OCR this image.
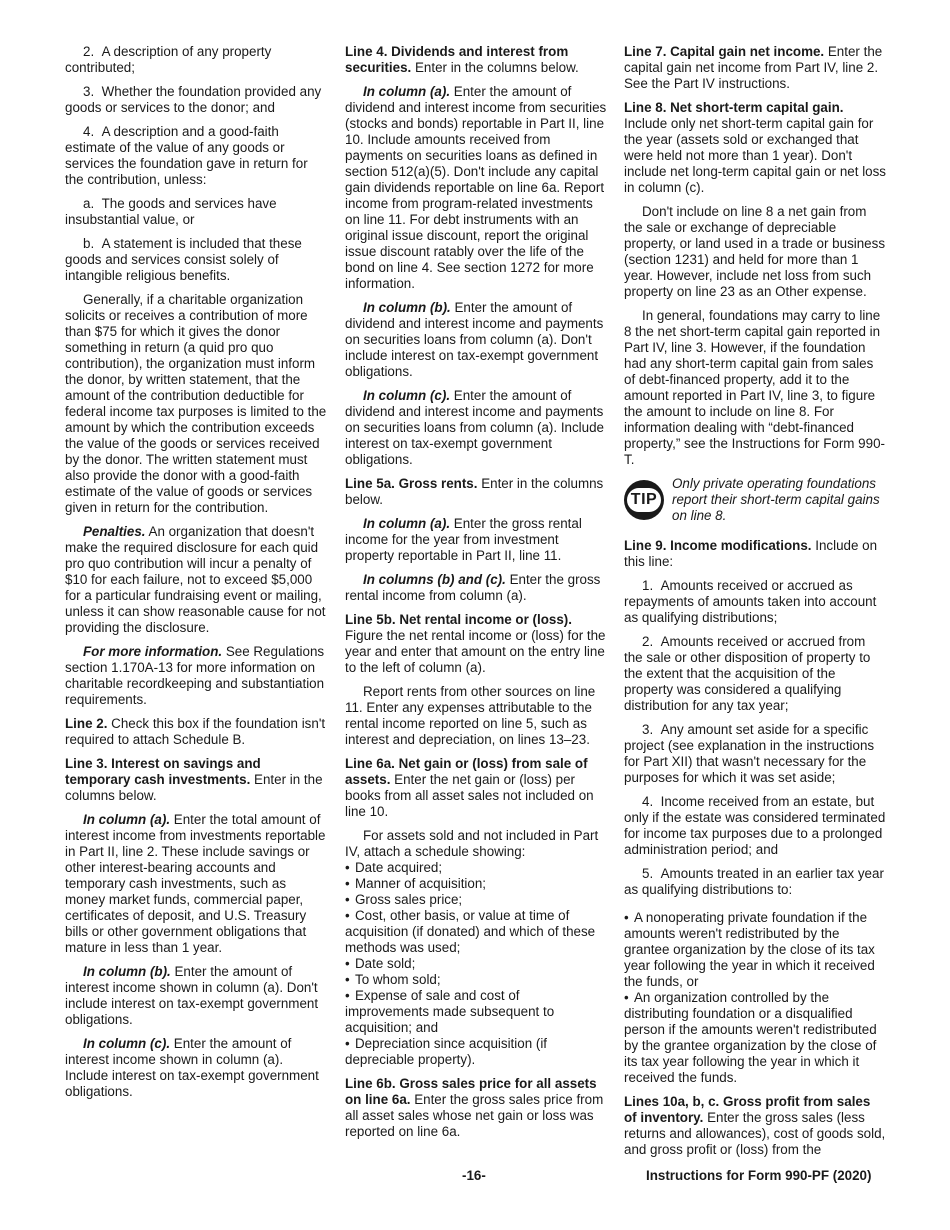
2.  A description of any property contributed;

3.  Whether the foundation provided any goods or services to the donor; and

4.  A description and a good-faith estimate of the value of any goods or services the foundation gave in return for the contribution, unless:

a.  The goods and services have insubstantial value, or

b.  A statement is included that these goods and services consist solely of intangible religious benefits.

Generally, if a charitable organization solicits or receives a contribution of more than $75 for which it gives the donor something in return (a quid pro quo contribution), the organization must inform the donor, by written statement, that the amount of the contribution deductible for federal income tax purposes is limited to the amount by which the contribution exceeds the value of the goods or services received by the donor. The written statement must also provide the donor with a good-faith estimate of the value of goods or services given in return for the contribution.

Penalties. An organization that doesn't make the required disclosure for each quid pro quo contribution will incur a penalty of $10 for each failure, not to exceed $5,000 for a particular fundraising event or mailing, unless it can show reasonable cause for not providing the disclosure.

For more information. See Regulations section 1.170A-13 for more information on charitable recordkeeping and substantiation requirements.

Line 2. Check this box if the foundation isn't required to attach Schedule B.

Line 3. Interest on savings and temporary cash investments. Enter in the columns below.

In column (a). Enter the total amount of interest income from investments reportable in Part II, line 2. These include savings or other interest-bearing accounts and temporary cash investments, such as money market funds, commercial paper, certificates of deposit, and U.S. Treasury bills or other government obligations that mature in less than 1 year.

In column (b). Enter the amount of interest income shown in column (a). Don't include interest on tax-exempt government obligations.

In column (c). Enter the amount of interest income shown in column (a). Include interest on tax-exempt government obligations.

Line 4. Dividends and interest from securities. Enter in the columns below.

In column (a). Enter the amount of dividend and interest income from securities (stocks and bonds) reportable in Part II, line 10. Include amounts received from payments on securities loans as defined in section 512(a)(5). Don't include any capital gain dividends reportable on line 6a. Report income from program-related investments on line 11. For debt instruments with an original issue discount, report the original issue discount ratably over the life of the bond on line 4. See section 1272 for more information.

In column (b). Enter the amount of dividend and interest income and payments on securities loans from column (a). Don't include interest on tax-exempt government obligations.

In column (c). Enter the amount of dividend and interest income and payments on securities loans from column (a). Include interest on tax-exempt government obligations.

Line 5a. Gross rents. Enter in the columns below.

In column (a). Enter the gross rental income for the year from investment property reportable in Part II, line 11.

In columns (b) and (c). Enter the gross rental income from column (a).

Line 5b. Net rental income or (loss). Figure the net rental income or (loss) for the year and enter that amount on the entry line to the left of column (a).

Report rents from other sources on line 11. Enter any expenses attributable to the rental income reported on line 5, such as interest and depreciation, on lines 13–23.

Line 6a. Net gain or (loss) from sale of assets. Enter the net gain or (loss) per books from all asset sales not included on line 10.

For assets sold and not included in Part IV, attach a schedule showing:

• Date acquired;

• Manner of acquisition;

• Gross sales price;

• Cost, other basis, or value at time of acquisition (if donated) and which of these methods was used;

• Date sold;

• To whom sold;

• Expense of sale and cost of improvements made subsequent to acquisition; and

• Depreciation since acquisition (if depreciable property).

Line 6b. Gross sales price for all assets on line 6a. Enter the gross sales price from all asset sales whose net gain or loss was reported on line 6a.

Line 7. Capital gain net income. Enter the capital gain net income from Part IV, line 2. See the Part IV instructions.

Line 8. Net short-term capital gain. Include only net short-term capital gain for the year (assets sold or exchanged that were held not more than 1 year). Don't include net long-term capital gain or net loss in column (c).

Don't include on line 8 a net gain from the sale or exchange of depreciable property, or land used in a trade or business (section 1231) and held for more than 1 year. However, include net loss from such property on line 23 as an Other expense.

In general, foundations may carry to line 8 the net short-term capital gain reported in Part IV, line 3. However, if the foundation had any short-term capital gain from sales of debt-financed property, add it to the amount reported in Part IV, line 3, to figure the amount to include on line 8. For information dealing with “debt-financed property,” see the Instructions for Form 990-T.

TIP
Only private operating foundations report their short-term capital gains on line 8.

Line 9. Income modifications. Include on this line:

1.  Amounts received or accrued as repayments of amounts taken into account as qualifying distributions;

2.  Amounts received or accrued from the sale or other disposition of property to the extent that the acquisition of the property was considered a qualifying distribution for any tax year;

3.  Any amount set aside for a specific project (see explanation in the instructions for Part XII) that wasn't necessary for the purposes for which it was set aside;

4.  Income received from an estate, but only if the estate was considered terminated for income tax purposes due to a prolonged administration period; and

5.  Amounts treated in an earlier tax year as qualifying distributions to:

• A nonoperating private foundation if the amounts weren't redistributed by the grantee organization by the close of its tax year following the year in which it received the funds, or

• An organization controlled by the distributing foundation or a disqualified person if the amounts weren't redistributed by the grantee organization by the close of its tax year following the year in which it received the funds.

Lines 10a, b, c. Gross profit from sales of inventory. Enter the gross sales (less returns and allowances), cost of goods sold, and gross profit or (loss) from the

-16-	Instructions for Form 990-PF (2020)
